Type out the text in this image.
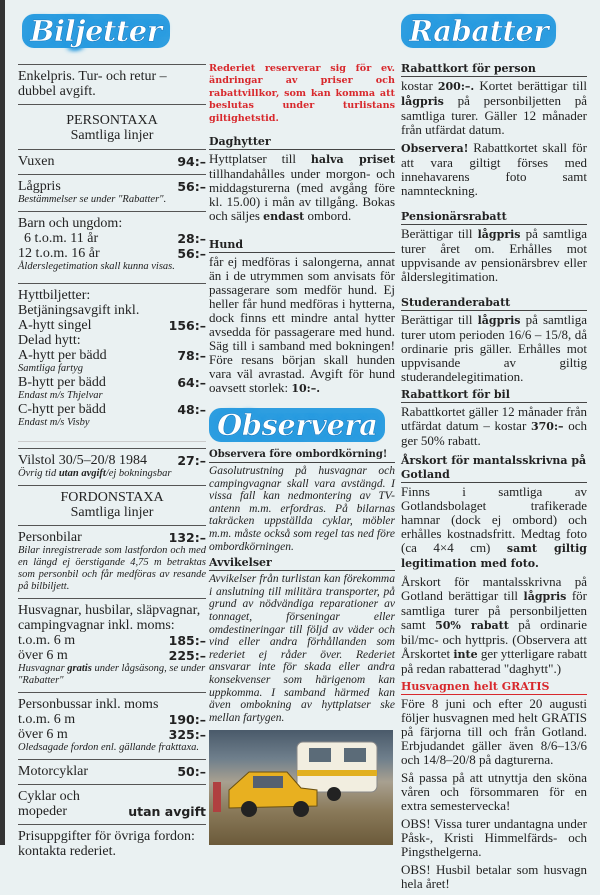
Biljetter
Enkelpris. Tur- och retur – dubbel avgift.
PERSONTAXA
Samtliga linjer
Vuxen	94:–
Lågpris	56:–
Bestämmelser se under "Rabatter".
Barn och ungdom:
6 t.o.m. 11 år	28:–
12 t.o.m. 16 år	56:–
Ålderslegetimation skall kunna visas.
Hyttbiljetter:
Betjäningsavgift inkl.
A-hytt singel	156:–
Delad hytt:
A-hytt per bädd	78:–
Samtliga fartyg
B-hytt per bädd	64:–
Endast m/s Thjelvar
C-hytt per bädd	48:–
Endast m/s Visby
Vilstol 30/5–20/8 1984 27:–
Övrig tid utan avgift/ej bokningsbar
FORDONSTAXA
Samtliga linjer
Personbilar	132:–
Bilar inregistrerade som lastfordon och med en längd ej öerstigande 4,75 m betraktas som personbil och får medföras av resande på bilbiljett.
Husvagnar, husbilar, släpvagnar, campingvagnar inkl. moms:
t.o.m. 6 m	185:–
över 6 m	225:–
Husvagnar gratis under lågsäsong, se under "Rabatter"
Personbussar inkl. moms
t.o.m. 6 m	190:–
över 6 m	325:–
Oledsagade fordon enl. gällande frakttaxa.
Motorcyklar	50:–
Cyklar och
mopeder	utan avgift
Prisuppgifter för övriga fordon: kontakta rederiet.
Rederiet reserverar sig för ev. ändringar av priser och rabattvillkor, som kan komma att beslutas under turlistans giltighetstid.
Daghytter
Hyttplatser till halva priset tillhandahålles under morgon- och middagsturerna (med avgång före kl. 15.00) i mån av tillgång. Bokas och säljes endast ombord.
Hund
får ej medföras i salongerna, annat än i de utrymmen som anvisats för passagerare som medför hund. Ej heller får hund medföras i hytterna, dock finns ett mindre antal hytter avsedda för passagerare med hund. Säg till i samband med bokningen! Före resans början skall hunden vara väl avrastad. Avgift för hund oavsett storlek: 10:–.
Observera
Observera före ombordkörning!
Gasolutrustning på husvagnar och campingvagnar skall vara avstängd. I vissa fall kan nedmontering av TV-antenn m.m. erfordras. På bilarnas takräcken uppställda cyklar, möbler m.m. måste också som regel tas ned före ombordkörningen.
Avvikelser
Avvikelser från turlistan kan förekomma i anslutning till militära transporter, på grund av nödvändiga reparationer av tonnaget, förseningar eller omdestineringar till följd av väder och vind eller andra förhållanden som rederiet ej råder över. Rederiet ansvarar inte för skada eller andra konsekvenser som härigenom kan uppkomma. I samband härmed kan även ombokning av hyttplatser ske mellan fartygen.
Rabatter
Rabattkort för person
kostar 200:–. Kortet berättigar till lågpris på personbiljetten på samtliga turer. Gäller 12 månader från utfärdat datum.
Observera! Rabattkortet skall för att vara giltigt förses med innehavarens foto samt namnteckning.
Pensionärsrabatt
Berättigar till lågpris på samtliga turer året om. Erhålles mot uppvisande av pensionärsbrev eller ålderslegitimation.
Studeranderabatt
Berättigar till lågpris på samtliga turer utom perioden 16/6 – 15/8, då ordinarie pris gäller. Erhålles mot uppvisande av giltig studerandelegitimation.
Rabattkort för bil
Rabattkortet gäller 12 månader från utfärdat datum – kostar 370:– och ger 50% rabatt.
Årskort för mantalsskrivna på Gotland
Finns i samtliga av Gotlandsbolaget trafikerade hamnar (dock ej ombord) och erhålles kostnadsfritt. Medtag foto (ca 4×4 cm) samt giltig legitimation med foto.
Årskort för mantalsskrivna på Gotland berättigar till lågpris för samtliga turer på personbiljetten samt 50% rabatt på ordinarie bil/mc- och hyttpris. (Observera att Årskortet inte ger ytterligare rabatt på redan rabatterad "daghytt".)
Husvagnen helt GRATIS
Före 8 juni och efter 20 augusti följer husvagnen med helt GRATIS på färjorna till och från Gotland. Erbjudandet gäller även 8/6–13/6 och 14/8–20/8 på dagturerna.
Så passa på att utnyttja den sköna våren och försommaren för en extra semestervecka!
OBS! Vissa turer undantagna under Påsk-, Kristi Himmelfärds- och Pingsthelgerna.
OBS! Husbil betalar som husvagn hela året!
